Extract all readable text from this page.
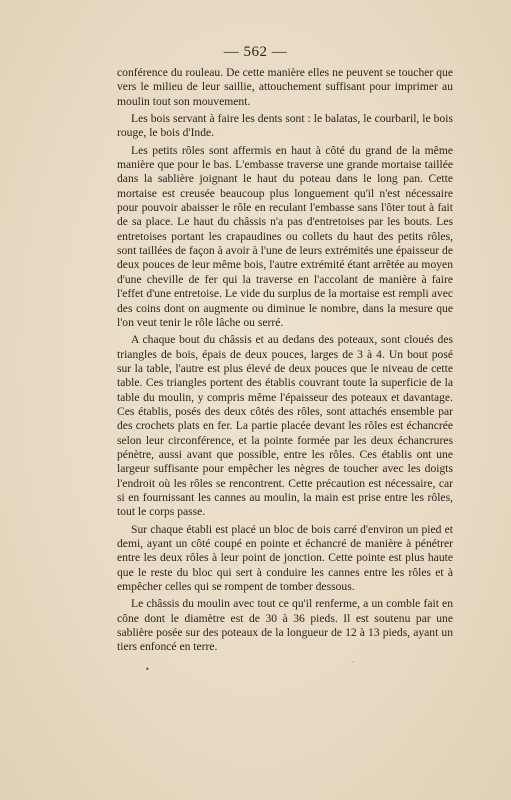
— 562 —

conférence du rouleau. De cette manière elles ne peuvent se toucher que vers le milieu de leur saillie, attouchement suffisant pour imprimer au moulin tout son mouvement.

Les bois servant à faire les dents sont : le balatas, le courbaril, le bois rouge, le bois d'Inde.

Les petits rôles sont affermis en haut à côté du grand de la même manière que pour le bas. L'embasse traverse une grande mortaise taillée dans la sablière joignant le haut du poteau dans le long pan. Cette mortaise est creusée beaucoup plus longuement qu'il n'est nécessaire pour pouvoir abaisser le rôle en reculant l'embasse sans l'ôter tout à fait de sa place. Le haut du châssis n'a pas d'entretoises par les bouts. Les entretoises portant les crapaudines ou collets du haut des petits rôles, sont taillées de façon à avoir à l'une de leurs extrémités une épaisseur de deux pouces de leur même bois, l'autre extrémité étant arrêtée au moyen d'une cheville de fer qui la traverse en l'accolant de manière à faire l'effet d'une entretoise. Le vide du surplus de la mortaise est rempli avec des coins dont on augmente ou diminue le nombre, dans la mesure que l'on veut tenir le rôle lâche ou serré.

A chaque bout du châssis et au dedans des poteaux, sont cloués des triangles de bois, épais de deux pouces, larges de 3 à 4. Un bout posé sur la table, l'autre est plus élevé de deux pouces que le niveau de cette table. Ces triangles portent des établis couvrant toute la superficie de la table du moulin, y compris même l'épaisseur des poteaux et davantage. Ces établis, posés des deux côtés des rôles, sont attachés ensemble par des crochets plats en fer. La partie placée devant les rôles est échancrée selon leur circonférence, et la pointe formée par les deux échancrures pénètre, aussi avant que possible, entre les rôles. Ces établis ont une largeur suffisante pour empêcher les nègres de toucher avec les doigts l'endroit où les rôles se rencontrent. Cette précaution est nécessaire, car si en fournissant les cannes au moulin, la main est prise entre les rôles, tout le corps passe.

Sur chaque établi est placé un bloc de bois carré d'environ un pied et demi, ayant un côté coupé en pointe et échancré de manière à pénétrer entre les deux rôles à leur point de jonction. Cette pointe est plus haute que le reste du bloc qui sert à conduire les cannes entre les rôles et à empêcher celles qui se rompent de tomber dessous.

Le châssis du moulin avec tout ce qu'il renferme, a un comble fait en cône dont le diamètre est de 30 à 36 pieds. Il est soutenu par une sablière posée sur des poteaux de la longueur de 12 à 13 pieds, ayant un tiers enfoncé en terre.

•
·
